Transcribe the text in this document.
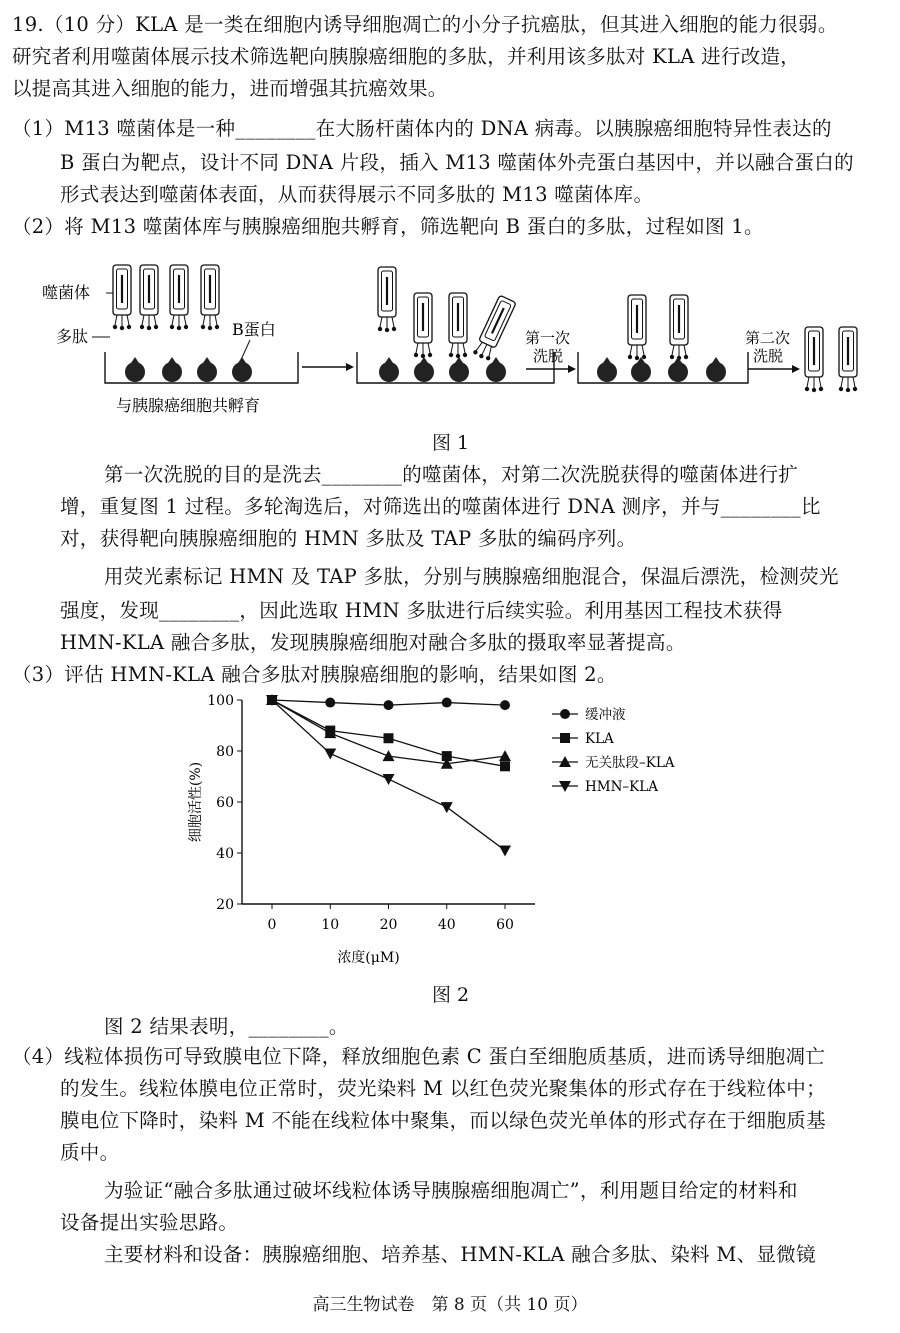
19.（10 分）KLA 是一类在细胞内诱导细胞凋亡的小分子抗癌肽，但其进入细胞的能力很弱。
研究者利用噬菌体展示技术筛选靶向胰腺癌细胞的多肽，并利用该多肽对 KLA 进行改造，
以提高其进入细胞的能力，进而增强其抗癌效果。
（1）M13 噬菌体是一种________在大肠杆菌体内的 DNA 病毒。以胰腺癌细胞特异性表达的
B 蛋白为靶点，设计不同 DNA 片段，插入 M13 噬菌体外壳蛋白基因中，并以融合蛋白的
形式表达到噬菌体表面，从而获得展示不同多肽的 M13 噬菌体库。
（2）将 M13 噬菌体库与胰腺癌细胞共孵育，筛选靶向 B 蛋白的多肽，过程如图 1。
噬菌体
多肽	B蛋白
与胰腺癌细胞共孵育
第一次
洗脱
第二次
洗脱
图 1
第一次洗脱的目的是洗去________的噬菌体，对第二次洗脱获得的噬菌体进行扩
增，重复图 1 过程。多轮淘选后，对筛选出的噬菌体进行 DNA 测序，并与________比
对，获得靶向胰腺癌细胞的 HMN 多肽及 TAP 多肽的编码序列。
用荧光素标记 HMN 及 TAP 多肽，分别与胰腺癌细胞混合，保温后漂洗，检测荧光
强度，发现________，因此选取 HMN 多肽进行后续实验。利用基因工程技术获得
HMN-KLA 融合多肽，发现胰腺癌细胞对融合多肽的摄取率显著提高。
（3）评估 HMN-KLA 融合多肽对胰腺癌细胞的影响，结果如图 2。
20
40
60
80
100
0	10	20	40	60
浓度(μM)
细胞活性(%)
缓冲液
KLA
无关肽段–KLA
HMN–KLA
图 2
图 2 结果表明，________。
（4）线粒体损伤可导致膜电位下降，释放细胞色素 C 蛋白至细胞质基质，进而诱导细胞凋亡
的发生。线粒体膜电位正常时，荧光染料 M 以红色荧光聚集体的形式存在于线粒体中；
膜电位下降时，染料 M 不能在线粒体中聚集，而以绿色荧光单体的形式存在于细胞质基
质中。
为验证“融合多肽通过破坏线粒体诱导胰腺癌细胞凋亡”，利用题目给定的材料和
设备提出实验思路。
主要材料和设备：胰腺癌细胞、培养基、HMN-KLA 融合多肽、染料 M、显微镜
高三生物试卷　第 8 页（共 10 页）
